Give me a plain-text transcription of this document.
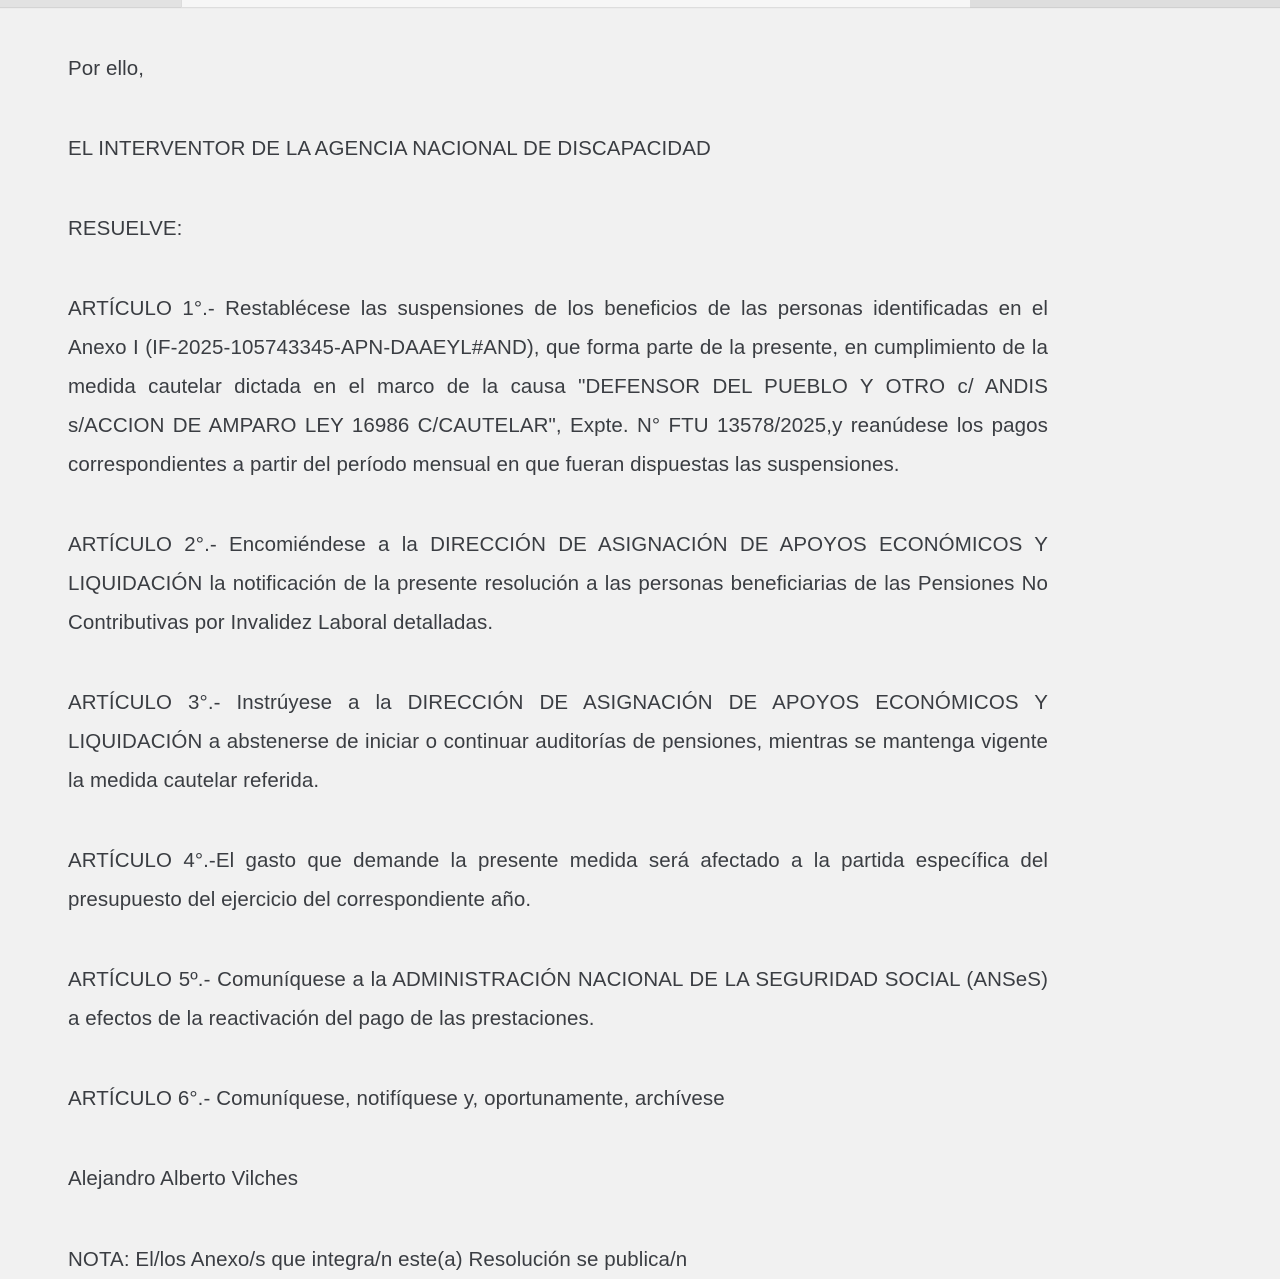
Por ello,

EL INTERVENTOR DE LA AGENCIA NACIONAL DE DISCAPACIDAD

RESUELVE:

ARTÍCULO 1°.- Restablécese las suspensiones de los beneficios de las personas identificadas en el Anexo I (IF-2025-105743345-APN-DAAEYL#AND), que forma parte de la presente, en cumplimiento de la medida cautelar dictada en el marco de la causa "DEFENSOR DEL PUEBLO Y OTRO c/ ANDIS s/ACCION DE AMPARO LEY 16986 C/CAUTELAR", Expte. N° FTU 13578/2025,y reanúdese los pagos correspondientes a partir del período mensual en que fueran dispuestas las suspensiones.

ARTÍCULO 2°.- Encomiéndese a la DIRECCIÓN DE ASIGNACIÓN DE APOYOS ECONÓMICOS Y LIQUIDACIÓN la notificación de la presente resolución a las personas beneficiarias de las Pensiones No Contributivas por Invalidez Laboral detalladas.

ARTÍCULO 3°.- Instrúyese a la DIRECCIÓN DE ASIGNACIÓN DE APOYOS ECONÓMICOS Y LIQUIDACIÓN a abstenerse de iniciar o continuar auditorías de pensiones, mientras se mantenga vigente la medida cautelar referida.

ARTÍCULO 4°.-El gasto que demande la presente medida será afectado a la partida específica del presupuesto del ejercicio del correspondiente año.

ARTÍCULO 5º.- Comuníquese a la ADMINISTRACIÓN NACIONAL DE LA SEGURIDAD SOCIAL (ANSeS) a efectos de la reactivación del pago de las prestaciones.

ARTÍCULO 6°.- Comuníquese, notifíquese y, oportunamente, archívese

Alejandro Alberto Vilches

NOTA: El/los Anexo/s que integra/n este(a) Resolución se publica/n
